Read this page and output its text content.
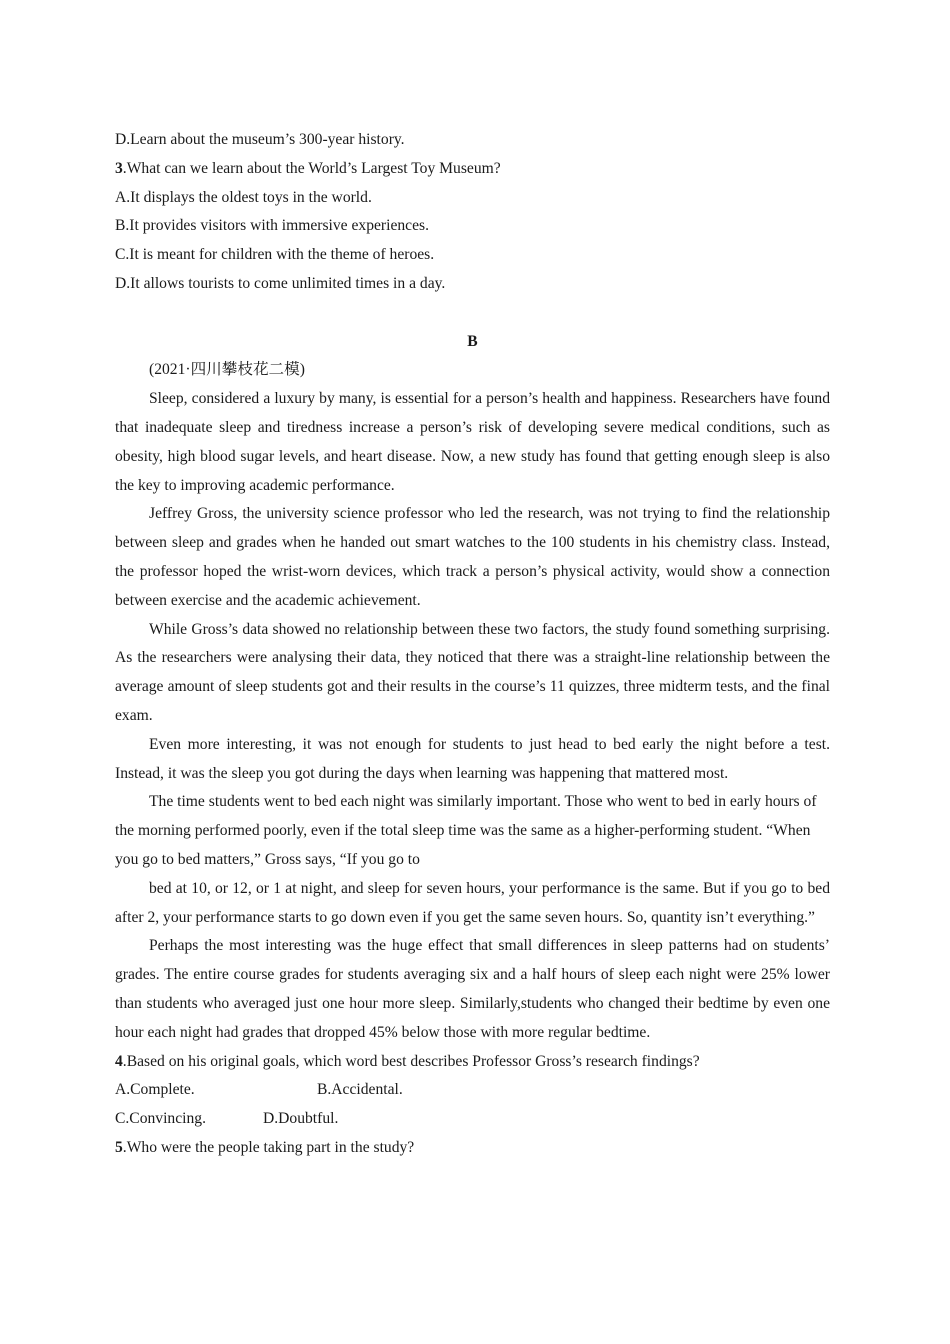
D.Learn about the museum’s 300-year history.
3.What can we learn about the World’s Largest Toy Museum?
A.It displays the oldest toys in the world.
B.It provides visitors with immersive experiences.
C.It is meant for children with the theme of heroes.
D.It allows tourists to come unlimited times in a day.
B
(2021·四川攀枝花二模)
Sleep, considered a luxury by many, is essential for a person’s health and happiness. Researchers have found that inadequate sleep and tiredness increase a person’s risk of developing severe medical conditions, such as obesity, high blood sugar levels, and heart disease. Now, a new study has found that getting enough sleep is also the key to improving academic performance.
Jeffrey Gross, the university science professor who led the research, was not trying to find the relationship between sleep and grades when he handed out smart watches to the 100 students in his chemistry class. Instead, the professor hoped the wrist-worn devices, which track a person’s physical activity, would show a connection between exercise and the academic achievement.
While Gross’s data showed no relationship between these two factors, the study found something surprising. As the researchers were analysing their data, they noticed that there was a straight-line relationship between the average amount of sleep students got and their results in the course’s 11 quizzes, three midterm tests, and the final exam.
Even more interesting, it was not enough for students to just head to bed early the night before a test. Instead, it was the sleep you got during the days when learning was happening that mattered most.
The time students went to bed each night was similarly important. Those who went to bed in early hours of the morning performed poorly, even if the total sleep time was the same as a higher-performing student. “When you go to bed matters,” Gross says, “If you go to
bed at 10, or 12, or 1 at night, and sleep for seven hours, your performance is the same. But if you go to bed after 2, your performance starts to go down even if you get the same seven hours. So, quantity isn’t everything.”
Perhaps the most interesting was the huge effect that small differences in sleep patterns had on students’ grades. The entire course grades for students averaging six and a half hours of sleep each night were 25% lower than students who averaged just one hour more sleep. Similarly,students who changed their bedtime by even one hour each night had grades that dropped 45% below those with more regular bedtime.
4.Based on his original goals, which word best describes Professor Gross’s research findings?
A.Complete.	B.Accidental.
C.Convincing.	D.Doubtful.
5.Who were the people taking part in the study?
